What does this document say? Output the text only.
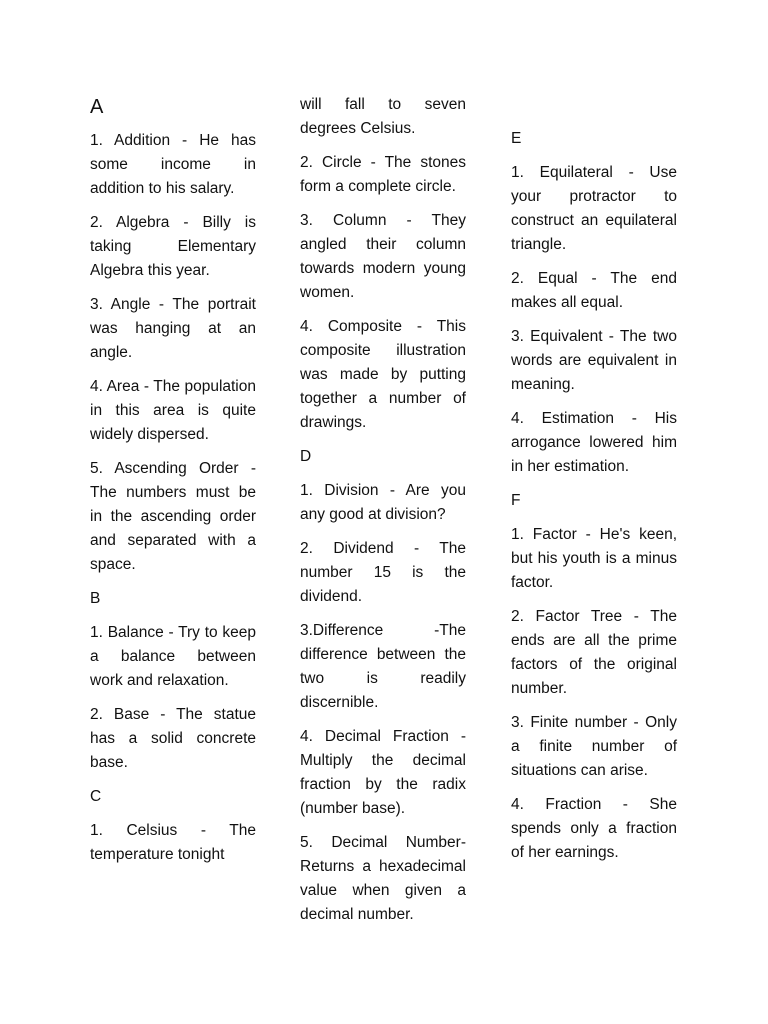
A
1. Addition - He has some income in addition to his salary.
2. Algebra - Billy is taking Elementary Algebra this year.
3. Angle - The portrait was hanging at an angle.
4. Area - The population in this area is quite widely dispersed.
5. Ascending Order - The numbers must be in the ascending order and separated with a space.
B
1. Balance - Try to keep a balance between work and relaxation.
2. Base - The statue has a solid concrete base.
C
1. Celsius - The temperature tonight
will fall to seven degrees Celsius.
2. Circle - The stones form a complete circle.
3. Column - They angled their column towards modern young women.
4. Composite - This composite illustration was made by putting together a number of drawings.
D
1. Division - Are you any good at division?
2. Dividend - The number 15 is the dividend.
3.Difference -The difference between the two is readily discernible.
4. Decimal Fraction - Multiply the decimal fraction by the radix (number base).
5. Decimal Number- Returns a hexadecimal value when given a decimal number.
E
1. Equilateral - Use your protractor to construct an equilateral triangle.
2. Equal - The end makes all equal.
3. Equivalent - The two words are equivalent in meaning.
4. Estimation - His arrogance lowered him in her estimation.
F
1. Factor - He's keen, but his youth is a minus factor.
2. Factor Tree - The ends are all the prime factors of the original number.
3. Finite number - Only a finite number of situations can arise.
4. Fraction - She spends only a fraction of her earnings.
